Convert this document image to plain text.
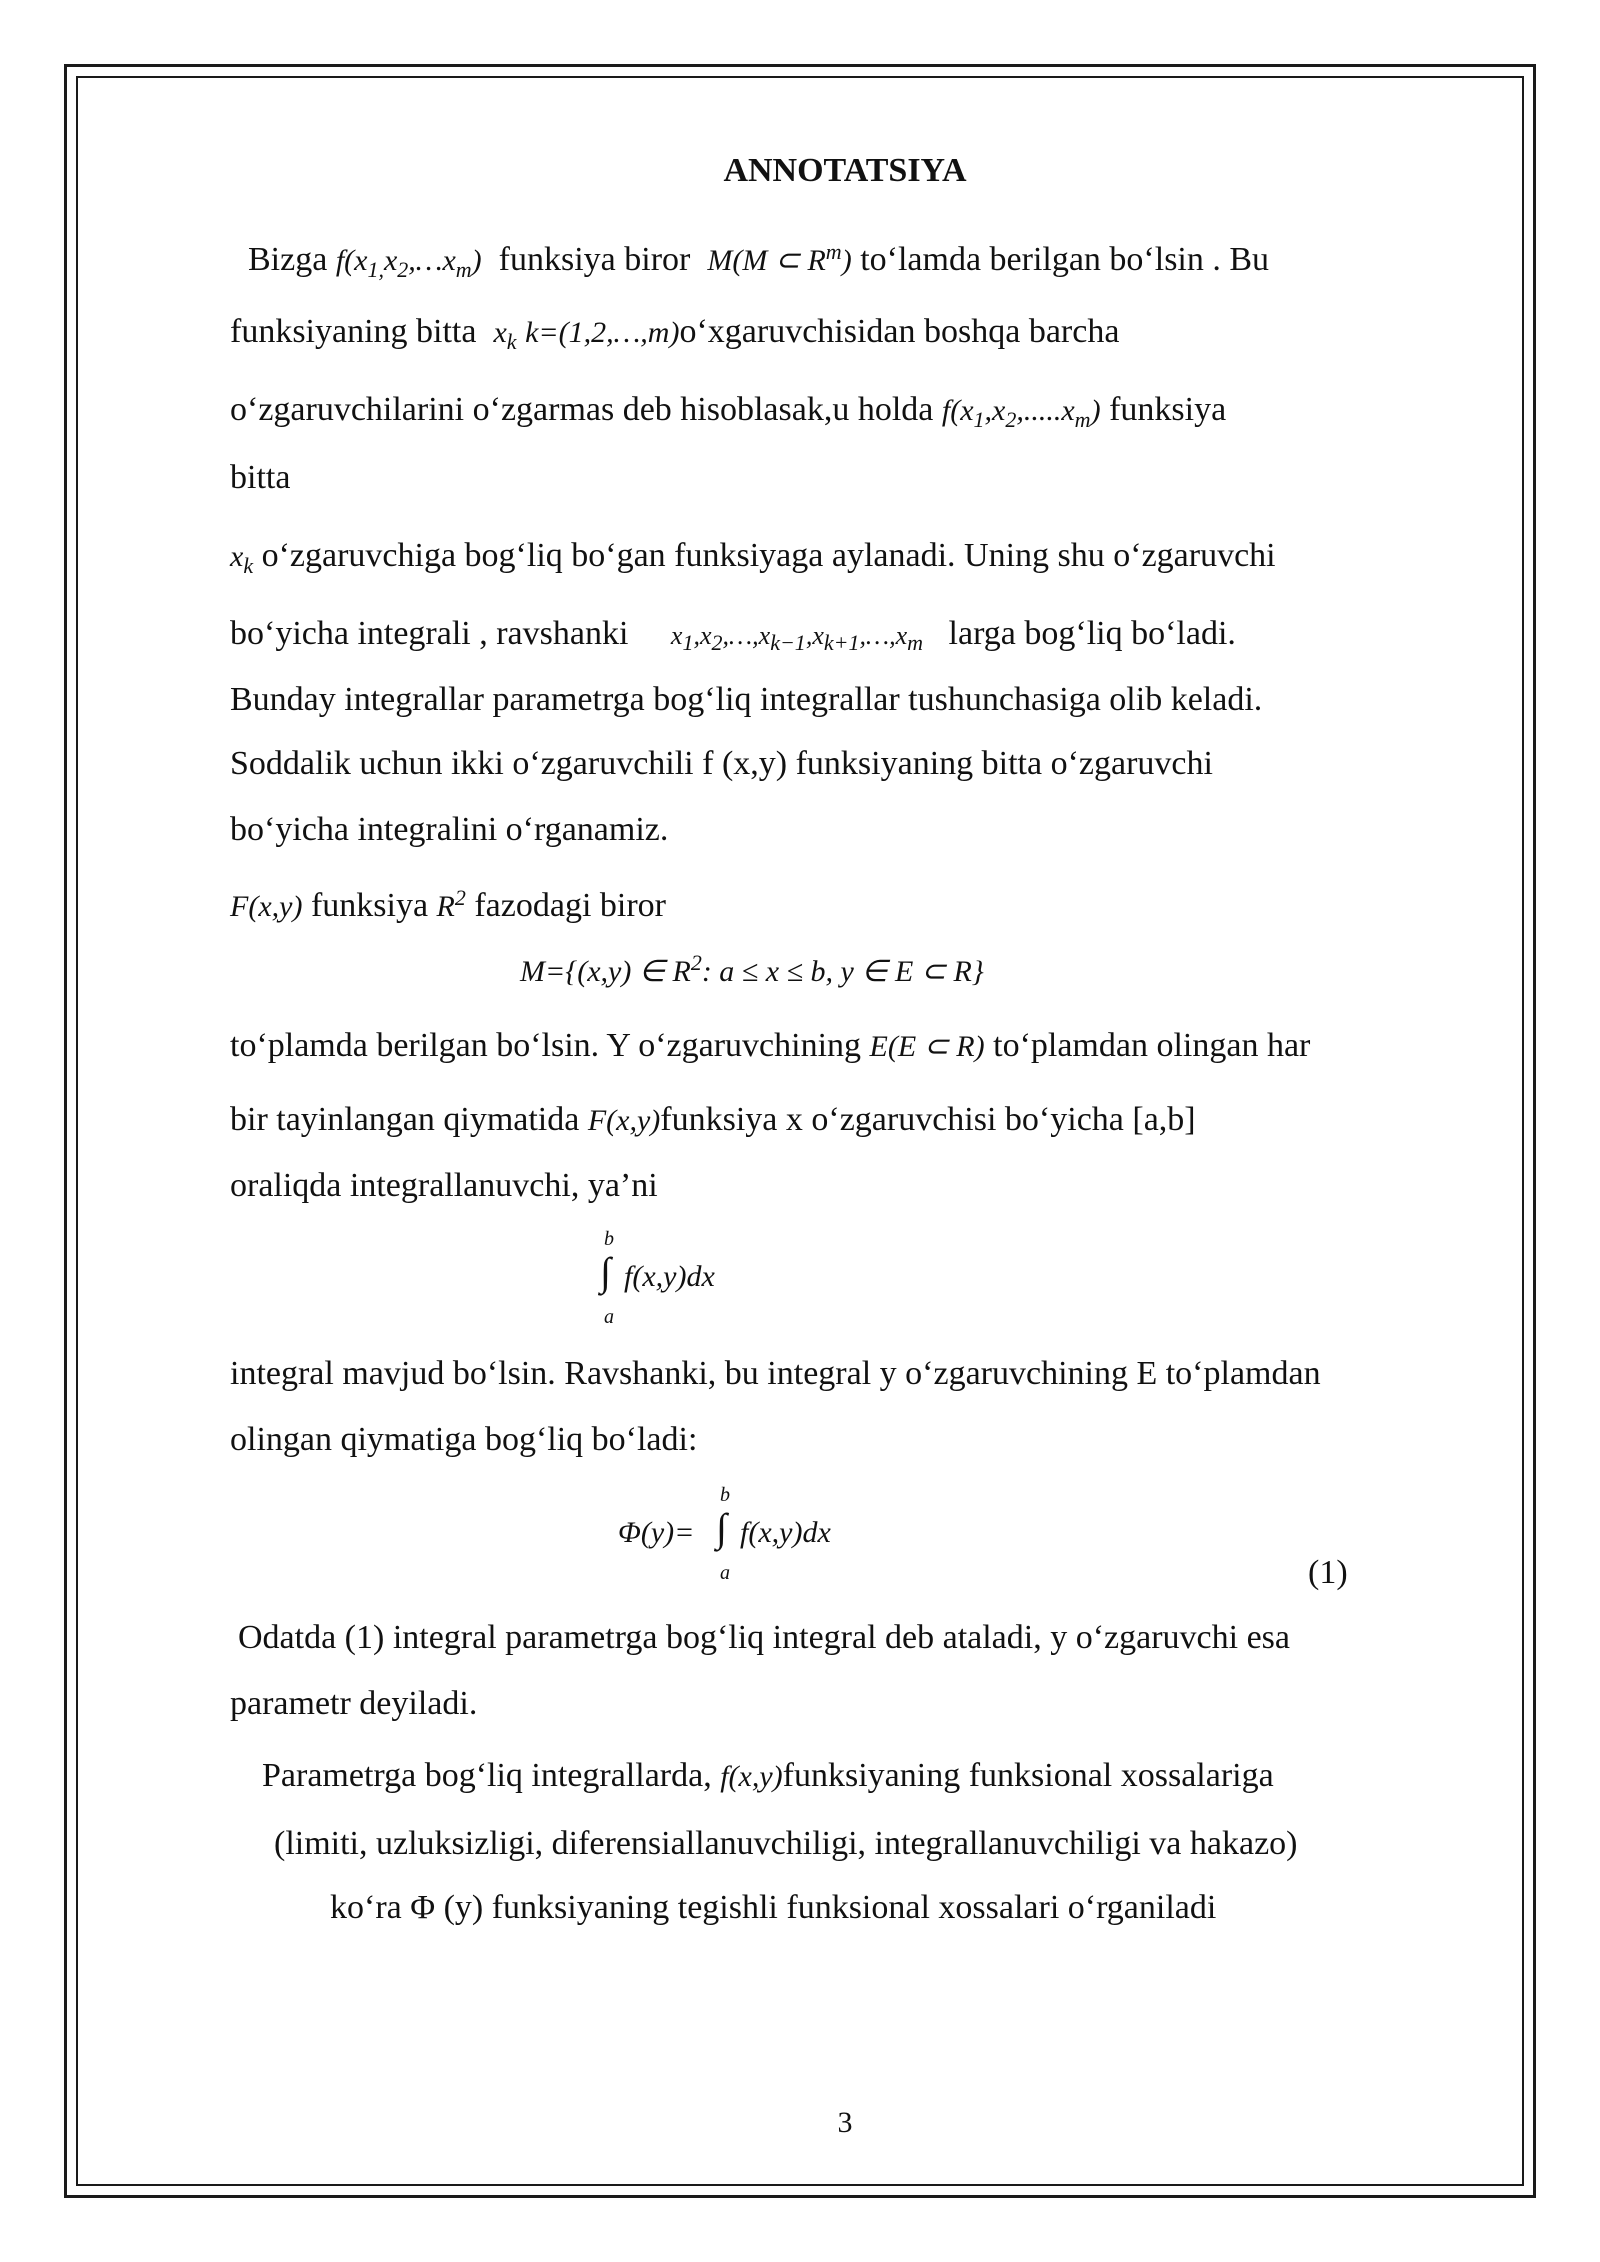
ANNOTATSIYA
Bizga $f(x_{1,}x_2,\dots x_m)$ funksiya biror M(M ⊂ $R^m$) to‘lamda berilgan bo‘lsin . Bu
funksiyaning bitta $x_k$ k=(1,2,…,m)o‘xgaruvchisidan boshqa barcha
o‘zgaruvchilarini o‘zgarmas deb hisoblasak,u holda $f(x_1,x_2,.....x_m)$ funksiya
bitta
$x_k$ o‘zgaruvchiga bog‘liq bo‘gan funksiyaga aylanadi. Uning shu o‘zgaruvchi
bo‘yicha integrali , ravshanki $x_1,x_2,\dots,x_{k-1},x_{k+1},\dots,x_m$ larga bog‘liq bo‘ladi.
Bunday integrallar parametrga bog‘liq integrallar tushunchasiga olib keladi.
Soddalik uchun ikki o‘zgaruvchili f (x,y) funksiyaning bitta o‘zgaruvchi
bo‘yicha integralini o‘rganamiz.
F(x,y) funksiya $R^2$ fazodagi biror
M={(x,y) ∈ $R^2$: a ≤ x ≤ b, y ∈ E ⊂ R}
to‘plamda berilgan bo‘lsin. Y o‘zgaruvchining E(E ⊂ R) to‘plamdan olingan har
bir tayinlangan qiymatida F(x,y)funksiya x o‘zgaruvchisi bo‘yicha [a,b]
oraliqda integrallanuvchi, ya’ni
b
∫
a
f(x,y)dx
integral mavjud bo‘lsin. Ravshanki, bu integral y o‘zgaruvchining E to‘plamdan
olingan qiymatiga bog‘liq bo‘ladi:
Φ(y)=
b
∫
a
f(x,y)dx
(1)
Odatda (1) integral parametrga bog‘liq integral deb ataladi, y o‘zgaruvchi esa
parametr deyiladi.
Parametrga bog‘liq integrallarda, f(x,y)funksiyaning funksional xossalariga
(limiti, uzluksizligi, diferensiallanuvchiligi, integrallanuvchiligi va hakazo)
ko‘ra Φ (y) funksiyaning tegishli funksional xossalari o‘rganiladi
3
